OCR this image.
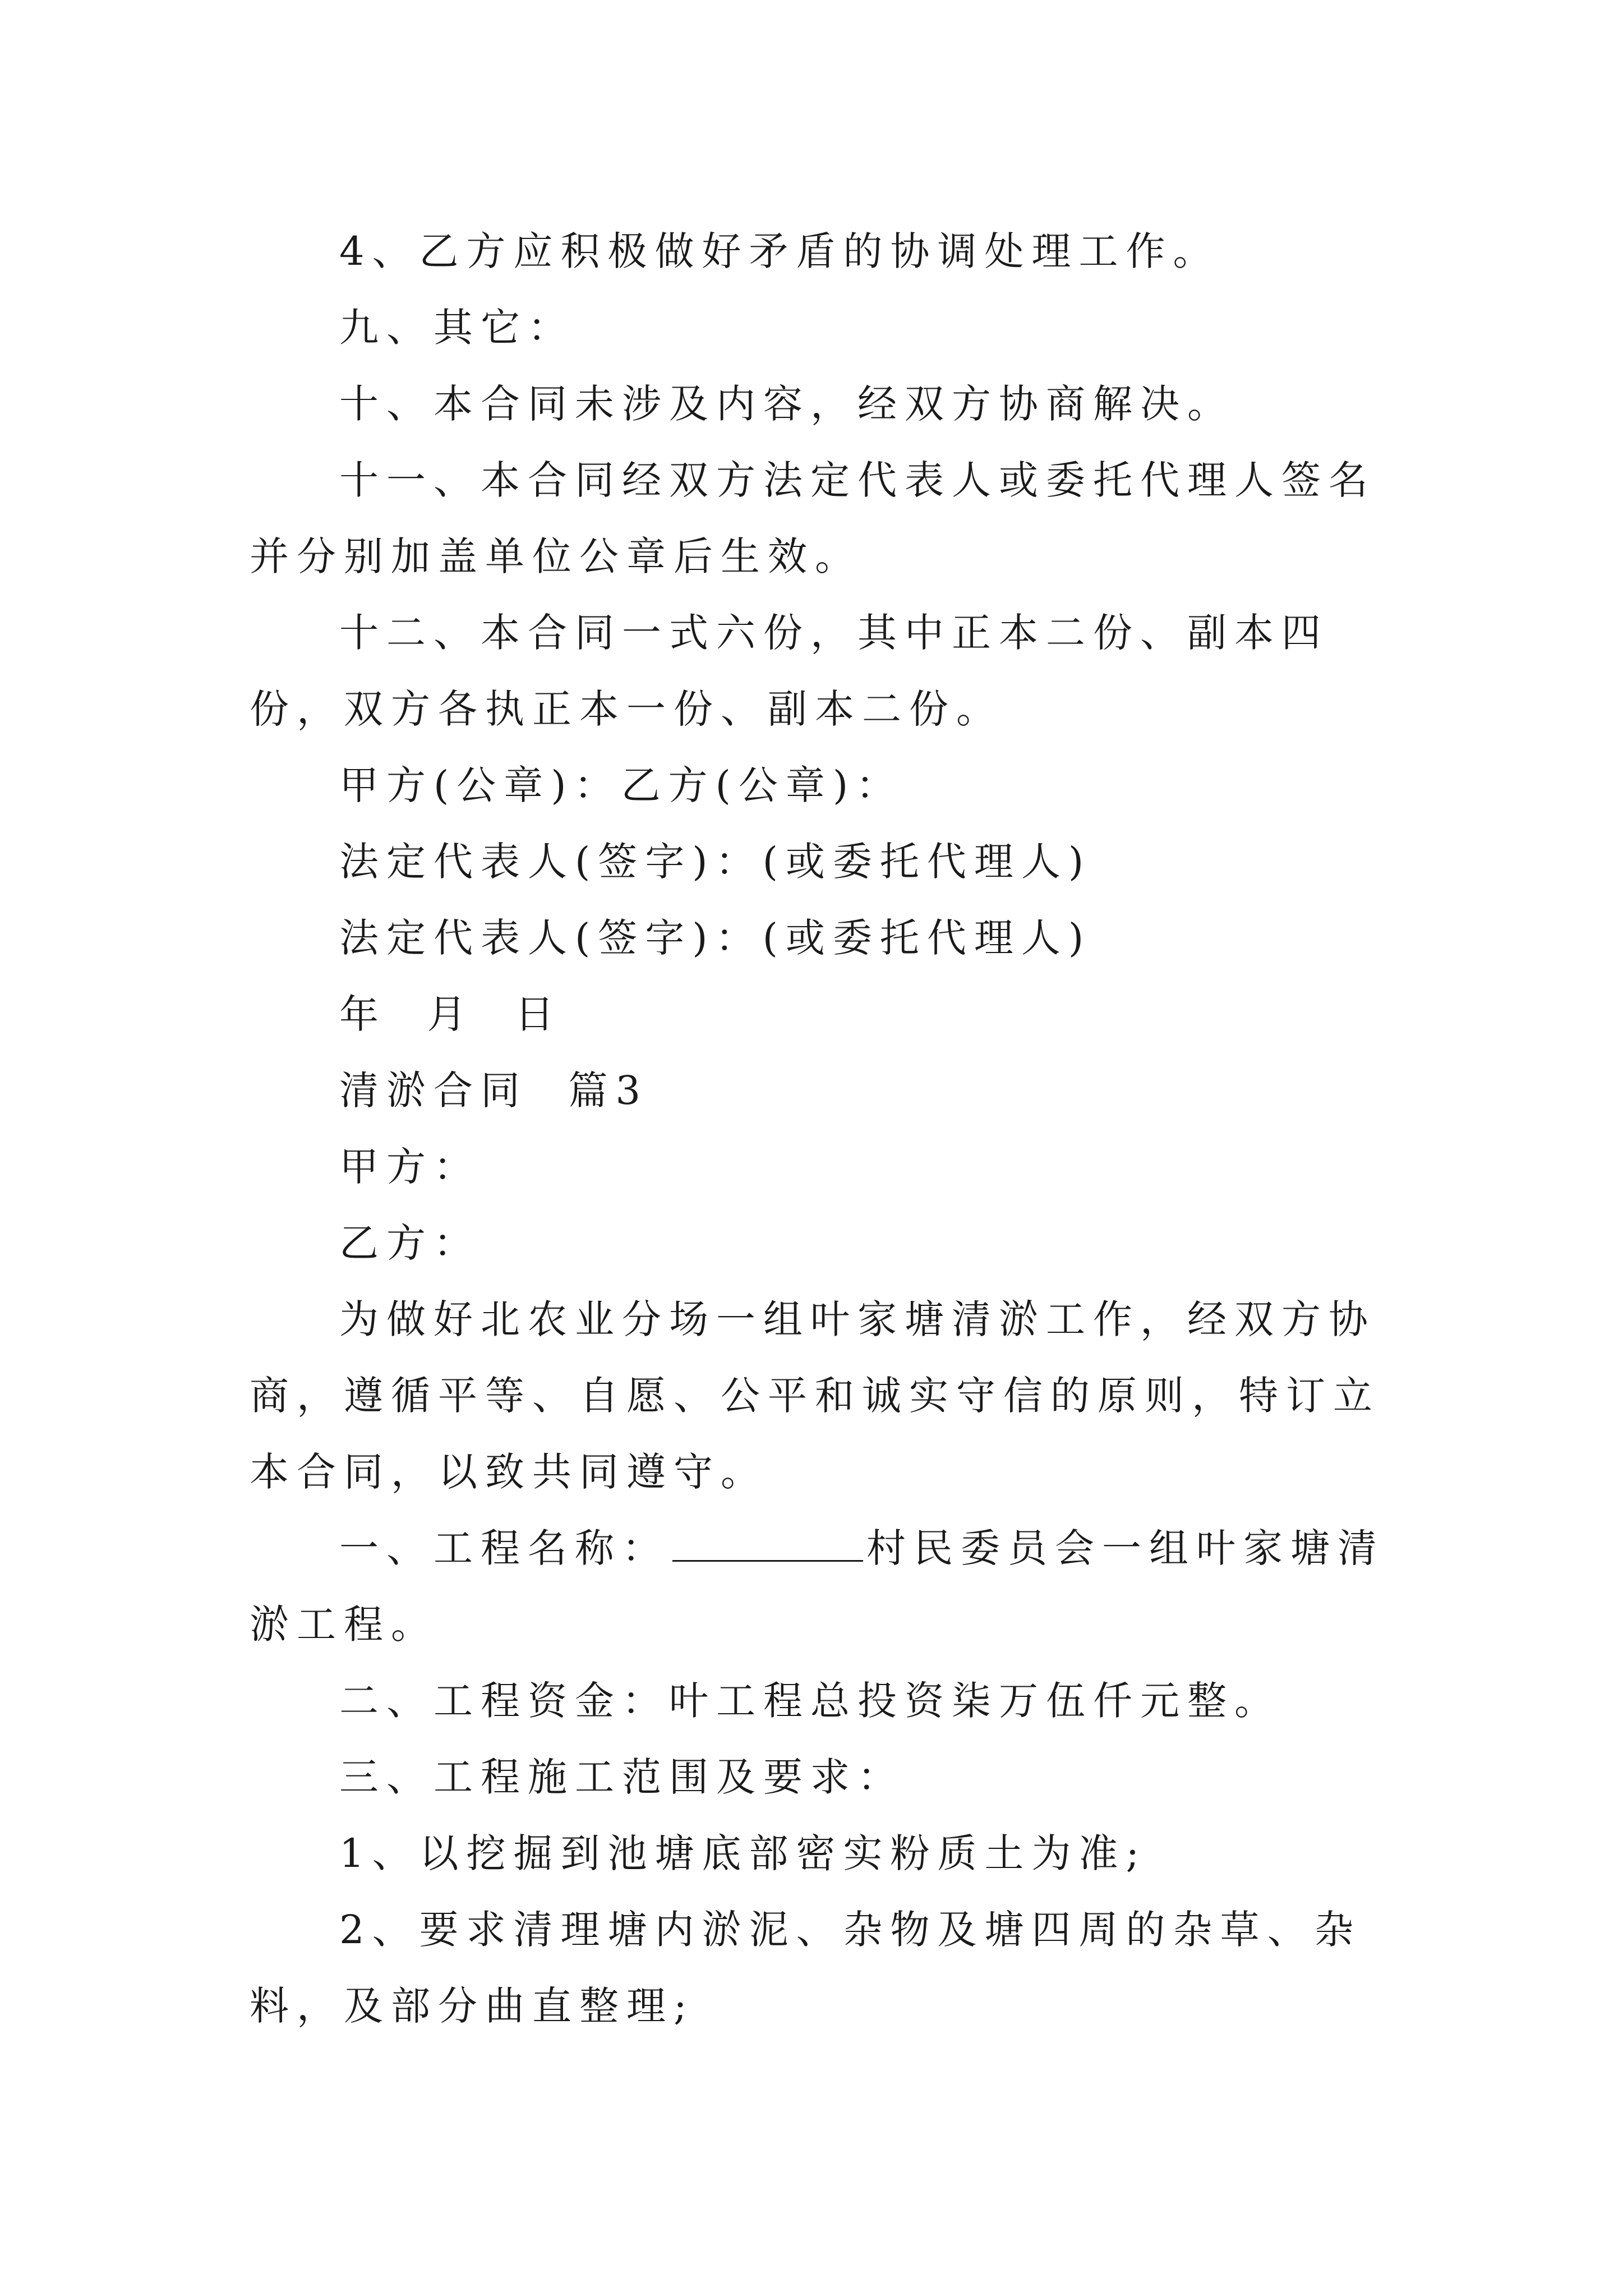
4、乙方应积极做好矛盾的协调处理工作。

九、其它：

十、本合同未涉及内容，经双方协商解决。

十一、本合同经双方法定代表人或委托代理人签名并分别加盖单位公章后生效。

十二、本合同一式六份，其中正本二份、副本四份，双方各执正本一份、副本二份。

甲方(公章)：乙方(公章)：

法定代表人(签字)：(或委托代理人)

法定代表人(签字)：(或委托代理人)

年  月  日

清淤合同  篇3

甲方：

乙方：

为做好北农业分场一组叶家塘清淤工作，经双方协商，遵循平等、自愿、公平和诚实守信的原则，特订立本合同，以致共同遵守。

一、工程名称：	村民委员会一组叶家塘清淤工程。

二、工程资金：叶工程总投资柒万伍仟元整。

三、工程施工范围及要求：

1、以挖掘到池塘底部密实粉质土为准;

2、要求清理塘内淤泥、杂物及塘四周的杂草、杂料，及部分曲直整理;
